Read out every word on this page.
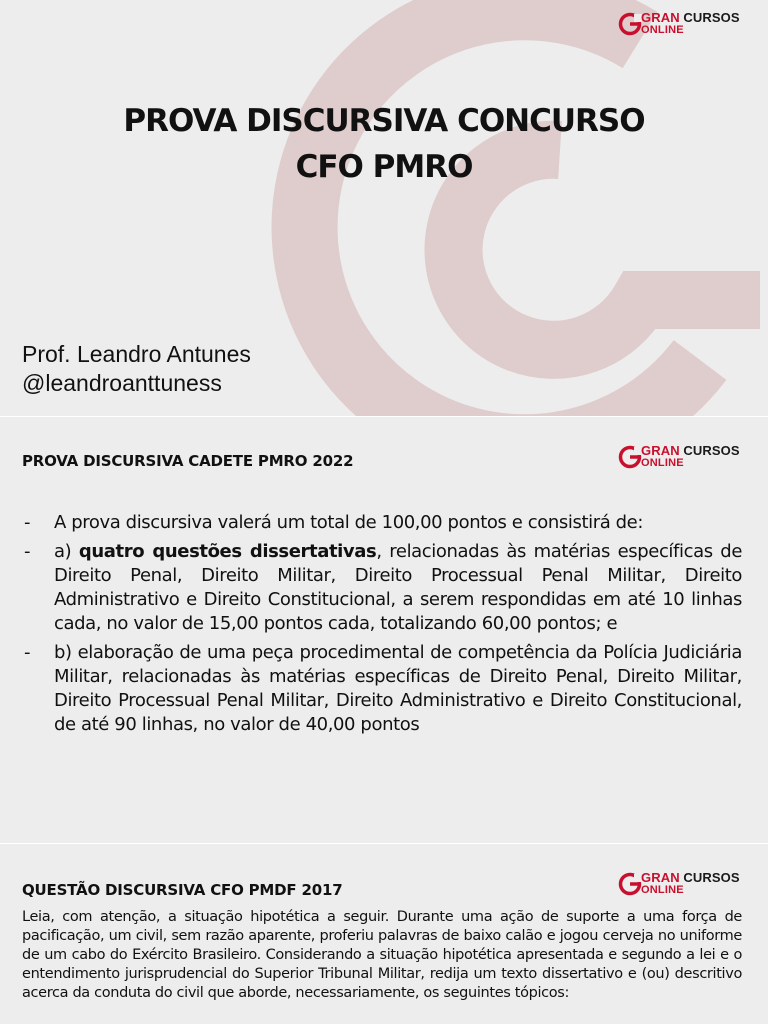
GRAN CURSOS
ONLINE
PROVA DISCURSIVA CONCURSO
CFO PMRO
Prof. Leandro Antunes
@leandroanttuness
GRAN CURSOS
ONLINE
PROVA DISCURSIVA CADETE PMRO 2022
- A prova discursiva valerá um total de 100,00 pontos e consistirá de:
- a) quatro questões dissertativas, relacionadas às matérias específicas de Direito Penal, Direito Militar, Direito Processual Penal Militar, Direito Administrativo e Direito Constitucional, a serem respondidas em até 10 linhas cada, no valor de 15,00 pontos cada, totalizando 60,00 pontos; e
- b) elaboração de uma peça procedimental de competência da Polícia Judiciária Militar, relacionadas às matérias específicas de Direito Penal, Direito Militar, Direito Processual Penal Militar, Direito Administrativo e Direito Constitucional, de até 90 linhas, no valor de 40,00 pontos
GRAN CURSOS
ONLINE
QUESTÃO DISCURSIVA CFO PMDF 2017

Leia, com atenção, a situação hipotética a seguir. Durante uma ação de suporte a uma força de pacificação, um civil, sem razão aparente, proferiu palavras de baixo calão e jogou cerveja no uniforme de um cabo do Exército Brasileiro. Considerando a situação hipotética apresentada e segundo a lei e o entendimento jurisprudencial do Superior Tribunal Militar, redija um texto dissertativo e (ou) descritivo acerca da conduta do civil que aborde, necessariamente, os seguintes tópicos:
